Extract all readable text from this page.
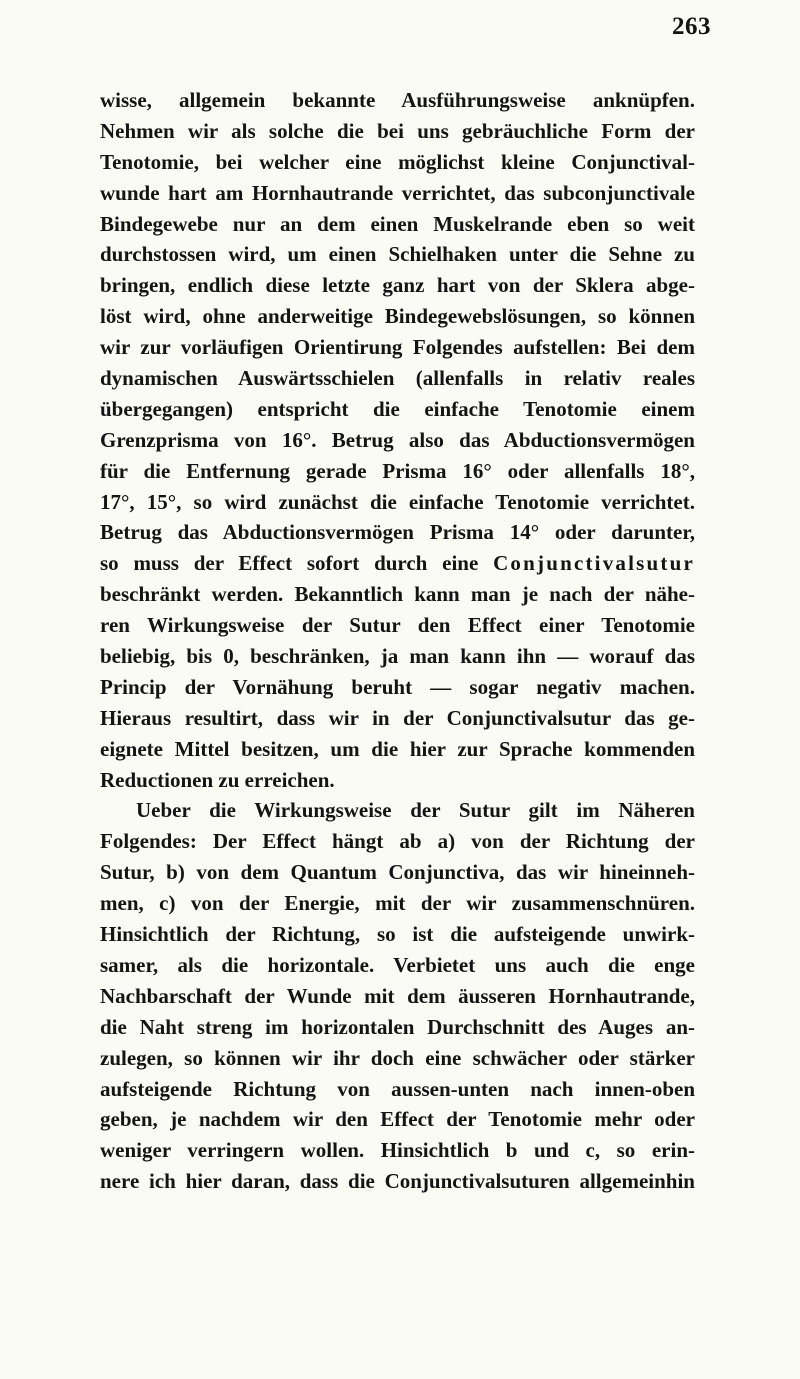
263
wisse, allgemein bekannte Ausführungsweise anknüpfen.
Nehmen wir als solche die bei uns gebräuchliche Form der
Tenotomie, bei welcher eine möglichst kleine Conjunctival-
wunde hart am Hornhautrande verrichtet, das subconjunctivale
Bindegewebe nur an dem einen Muskelrande eben so weit
durchstossen wird, um einen Schielhaken unter die Sehne zu
bringen, endlich diese letzte ganz hart von der Sklera abge-
löst wird, ohne anderweitige Bindegewebslösungen, so können
wir zur vorläufigen Orientirung Folgendes aufstellen: Bei dem
dynamischen Auswärtsschielen (allenfalls in relativ reales
übergegangen) entspricht die einfache Tenotomie einem
Grenzprisma von 16°. Betrug also das Abductionsvermögen
für die Entfernung gerade Prisma 16° oder allenfalls 18°,
17°, 15°, so wird zunächst die einfache Tenotomie verrichtet.
Betrug das Abductionsvermögen Prisma 14° oder darunter,
so muss der Effect sofort durch eine Conjunctivalsutur
beschränkt werden. Bekanntlich kann man je nach der nähe-
ren Wirkungsweise der Sutur den Effect einer Tenotomie
beliebig, bis 0, beschränken, ja man kann ihn — worauf das
Princip der Vornähung beruht — sogar negativ machen.
Hieraus resultirt, dass wir in der Conjunctivalsutur das ge-
eignete Mittel besitzen, um die hier zur Sprache kommenden
Reductionen zu erreichen.
Ueber die Wirkungsweise der Sutur gilt im Näheren
Folgendes: Der Effect hängt ab a) von der Richtung der
Sutur, b) von dem Quantum Conjunctiva, das wir hineinneh-
men, c) von der Energie, mit der wir zusammenschnüren.
Hinsichtlich der Richtung, so ist die aufsteigende unwirk-
samer, als die horizontale. Verbietet uns auch die enge
Nachbarschaft der Wunde mit dem äusseren Hornhautrande,
die Naht streng im horizontalen Durchschnitt des Auges an-
zulegen, so können wir ihr doch eine schwächer oder stärker
aufsteigende Richtung von aussen-unten nach innen-oben
geben, je nachdem wir den Effect der Tenotomie mehr oder
weniger verringern wollen. Hinsichtlich b und c, so erin-
nere ich hier daran, dass die Conjunctivalsuturen allgemeinhin
